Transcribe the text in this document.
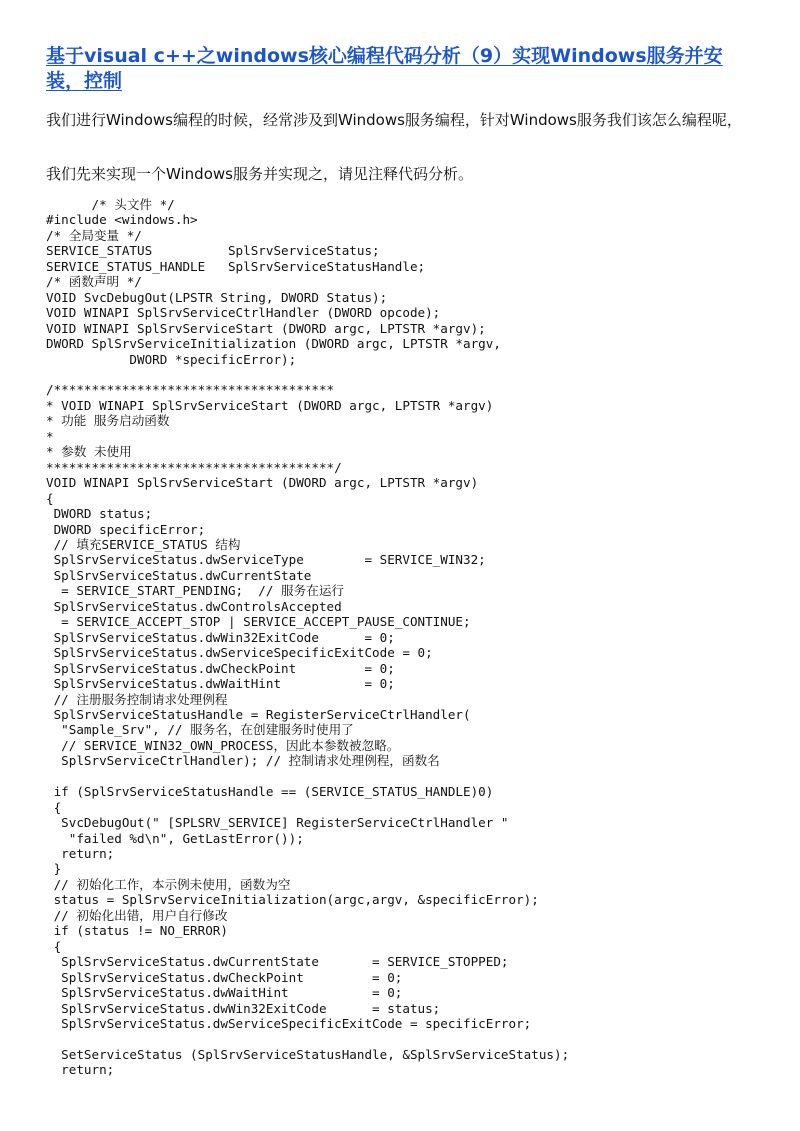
基于visual c++之windows核心编程代码分析（9）实现Windows服务并安装，控制

我们进行Windows编程的时候，经常涉及到Windows服务编程，针对Windows服务我们该怎么编程呢，

我们先来实现一个Windows服务并实现之，请见注释代码分析。

/* 头文件 */
#include <windows.h>
/* 全局变量 */
SERVICE_STATUS          SplSrvServiceStatus;
SERVICE_STATUS_HANDLE   SplSrvServiceStatusHandle;
/* 函数声明 */
VOID SvcDebugOut(LPSTR String, DWORD Status);
VOID WINAPI SplSrvServiceCtrlHandler (DWORD opcode);
VOID WINAPI SplSrvServiceStart (DWORD argc, LPTSTR *argv);
DWORD SplSrvServiceInitialization (DWORD argc, LPTSTR *argv,
DWORD *specificError);

/*************************************
* VOID WINAPI SplSrvServiceStart (DWORD argc, LPTSTR *argv)
* 功能 服务启动函数
*
* 参数 未使用
**************************************/
VOID WINAPI SplSrvServiceStart (DWORD argc, LPTSTR *argv)
{
DWORD status;
DWORD specificError;
// 填充SERVICE_STATUS 结构
SplSrvServiceStatus.dwServiceType        = SERVICE_WIN32;
SplSrvServiceStatus.dwCurrentState
= SERVICE_START_PENDING;  // 服务在运行
SplSrvServiceStatus.dwControlsAccepted
= SERVICE_ACCEPT_STOP | SERVICE_ACCEPT_PAUSE_CONTINUE;
SplSrvServiceStatus.dwWin32ExitCode      = 0;
SplSrvServiceStatus.dwServiceSpecificExitCode = 0;
SplSrvServiceStatus.dwCheckPoint         = 0;
SplSrvServiceStatus.dwWaitHint           = 0;
// 注册服务控制请求处理例程
SplSrvServiceStatusHandle = RegisterServiceCtrlHandler(
"Sample_Srv", // 服务名，在创建服务时使用了
// SERVICE_WIN32_OWN_PROCESS，因此本参数被忽略。
SplSrvServiceCtrlHandler); // 控制请求处理例程，函数名

if (SplSrvServiceStatusHandle == (SERVICE_STATUS_HANDLE)0)
{
SvcDebugOut(" [SPLSRV_SERVICE] RegisterServiceCtrlHandler "
"failed %d\n", GetLastError());
return;
}
// 初始化工作，本示例未使用，函数为空
status = SplSrvServiceInitialization(argc,argv, &specificError);
// 初始化出错，用户自行修改
if (status != NO_ERROR)
{
SplSrvServiceStatus.dwCurrentState       = SERVICE_STOPPED;
SplSrvServiceStatus.dwCheckPoint         = 0;
SplSrvServiceStatus.dwWaitHint           = 0;
SplSrvServiceStatus.dwWin32ExitCode      = status;
SplSrvServiceStatus.dwServiceSpecificExitCode = specificError;

SetServiceStatus (SplSrvServiceStatusHandle, &SplSrvServiceStatus);
return;
